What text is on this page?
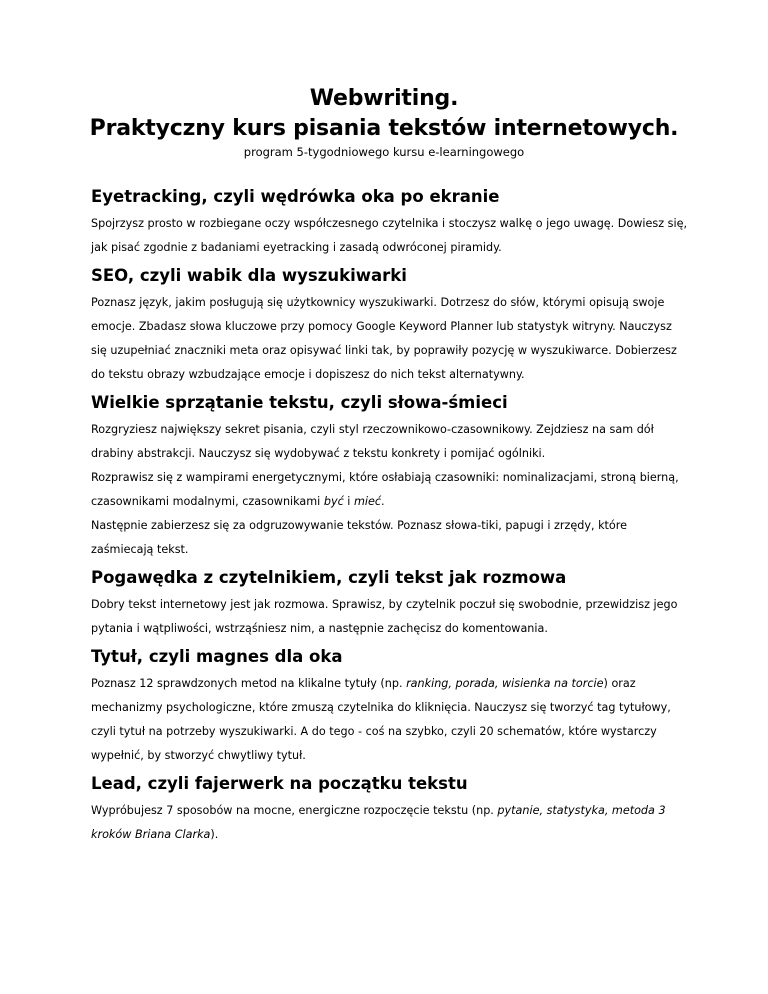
Webwriting.

Praktyczny kurs pisania tekstów internetowych.

program 5-tygodniowego kursu e-learningowego

Eyetracking, czyli wędrówka oka po ekranie

Spojrzysz prosto w rozbiegane oczy współczesnego czytelnika i stoczysz walkę o jego uwagę. Dowiesz się, jak pisać zgodnie z badaniami eyetracking i zasadą odwróconej piramidy.

SEO, czyli wabik dla wyszukiwarki

Poznasz język, jakim posługują się użytkownicy wyszukiwarki. Dotrzesz do słów, którymi opisują swoje emocje. Zbadasz słowa kluczowe przy pomocy Google Keyword Planner lub statystyk witryny. Nauczysz się uzupełniać znaczniki meta oraz opisywać linki tak, by poprawiły pozycję w wyszukiwarce. Dobierzesz do tekstu obrazy wzbudzające emocje i dopiszesz do nich tekst alternatywny.

Wielkie sprzątanie tekstu, czyli słowa-śmieci

Rozgryziesz największy sekret pisania, czyli styl rzeczownikowo-czasownikowy. Zejdziesz na sam dół drabiny abstrakcji. Nauczysz się wydobywać z tekstu konkrety i pomijać ogólniki.

Rozprawisz się z wampirami energetycznymi, które osłabiają czasowniki: nominalizacjami, stroną bierną, czasownikami modalnymi, czasownikami być i mieć.

Następnie zabierzesz się za odgruzowywanie tekstów. Poznasz słowa-tiki, papugi i zrzędy, które zaśmiecają tekst.

Pogawędka z czytelnikiem, czyli tekst jak rozmowa

Dobry tekst internetowy jest jak rozmowa. Sprawisz, by czytelnik poczuł się swobodnie, przewidzisz jego pytania i wątpliwości, wstrząśniesz nim, a następnie zachęcisz do komentowania.

Tytuł, czyli magnes dla oka

Poznasz 12 sprawdzonych metod na klikalne tytuły (np. ranking, porada, wisienka na torcie) oraz mechanizmy psychologiczne, które zmuszą czytelnika do kliknięcia. Nauczysz się tworzyć tag tytułowy, czyli tytuł na potrzeby wyszukiwarki. A do tego - coś na szybko, czyli 20 schematów, które wystarczy wypełnić, by stworzyć chwytliwy tytuł.

Lead, czyli fajerwerk na początku tekstu

Wypróbujesz 7 sposobów na mocne, energiczne rozpoczęcie tekstu (np. pytanie, statystyka, metoda 3 kroków Briana Clarka).
